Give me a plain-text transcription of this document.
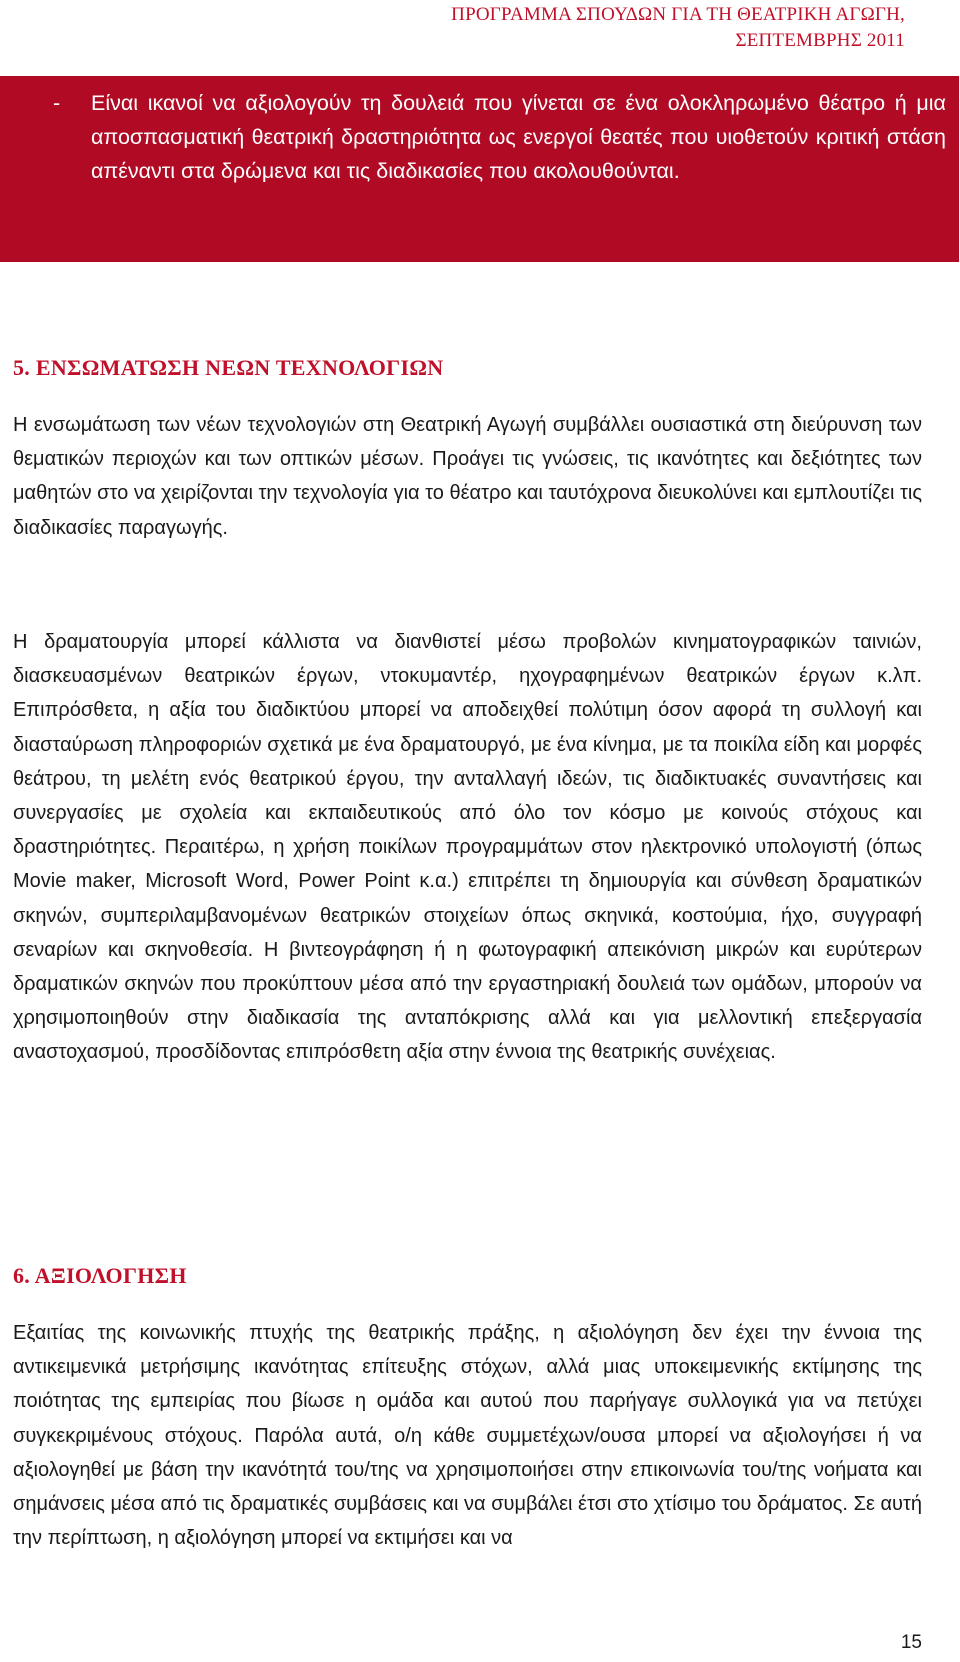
ΠΡΟΓΡΑΜΜΑ ΣΠΟΥΔΩΝ ΓΙΑ ΤΗ ΘΕΑΤΡΙΚΗ ΑΓΩΓΗ,
ΣΕΠΤΕΜΒΡΗΣ 2011
-	Είναι ικανοί να αξιολογούν τη δουλειά που γίνεται σε ένα ολοκληρωμένο θέατρο ή μια αποσπασματική θεατρική δραστηριότητα ως ενεργοί θεατές που υιοθετούν κριτική στάση απέναντι στα δρώμενα και τις διαδικασίες που ακολουθούνται.

5. ΕΝΣΩΜΑΤΩΣΗ ΝΕΩΝ ΤΕΧΝΟΛΟΓΙΩΝ

Η ενσωμάτωση των νέων τεχνολογιών στη Θεατρική Αγωγή συμβάλλει ουσιαστικά στη διεύρυνση των θεματικών περιοχών και των οπτικών μέσων. Προάγει τις γνώσεις, τις ικανότητες και δεξιότητες των μαθητών στο να χειρίζονται την τεχνολογία για το θέατρο και ταυτόχρονα διευκολύνει και εμπλουτίζει τις διαδικασίες παραγωγής.

Η δραματουργία μπορεί κάλλιστα να διανθιστεί μέσω προβολών κινηματογραφικών ταινιών, διασκευασμένων θεατρικών έργων, ντοκυμαντέρ, ηχογραφημένων θεατρικών έργων κ.λπ. Επιπρόσθετα, η αξία του διαδικτύου μπορεί να αποδειχθεί πολύτιμη όσον αφορά τη συλλογή και διασταύρωση πληροφοριών σχετικά με ένα δραματουργό, με ένα κίνημα, με τα ποικίλα είδη και μορφές θεάτρου, τη μελέτη ενός θεατρικού έργου, την ανταλλαγή ιδεών, τις διαδικτυακές συναντήσεις και συνεργασίες με σχολεία και εκπαιδευτικούς από όλο τον κόσμο με κοινούς στόχους και δραστηριότητες. Περαιτέρω, η χρήση ποικίλων προγραμμάτων στον ηλεκτρονικό υπολογιστή (όπως Movie maker, Microsoft Word, Power Point κ.α.) επιτρέπει τη δημιουργία και σύνθεση δραματικών σκηνών, συμπεριλαμβανομένων θεατρικών στοιχείων όπως σκηνικά, κοστούμια, ήχο, συγγραφή σεναρίων και σκηνοθεσία. Η βιντεογράφηση ή η φωτογραφική απεικόνιση μικρών και ευρύτερων δραματικών σκηνών που προκύπτουν μέσα από την εργαστηριακή δουλειά των ομάδων, μπορούν να χρησιμοποιηθούν στην διαδικασία της ανταπόκρισης αλλά και για μελλοντική επεξεργασία αναστοχασμού, προσδίδοντας επιπρόσθετη αξία στην έννοια της θεατρικής συνέχειας.

6. ΑΞΙΟΛΟΓΗΣΗ

Εξαιτίας της κοινωνικής πτυχής της θεατρικής πράξης, η αξιολόγηση δεν έχει την έννοια της αντικειμενικά μετρήσιμης ικανότητας επίτευξης στόχων, αλλά μιας υποκειμενικής εκτίμησης της ποιότητας της εμπειρίας που βίωσε η ομάδα και αυτού που παρήγαγε συλλογικά για να πετύχει συγκεκριμένους στόχους. Παρόλα αυτά, ο/η κάθε συμμετέχων/ουσα μπορεί να αξιολογήσει ή να αξιολογηθεί με βάση την ικανότητά του/της να χρησιμοποιήσει στην επικοινωνία του/της νοήματα και σημάνσεις μέσα από τις δραματικές συμβάσεις και να συμβάλει έτσι στο χτίσιμο του δράματος. Σε αυτή την περίπτωση, η αξιολόγηση μπορεί να εκτιμήσει και να

15
